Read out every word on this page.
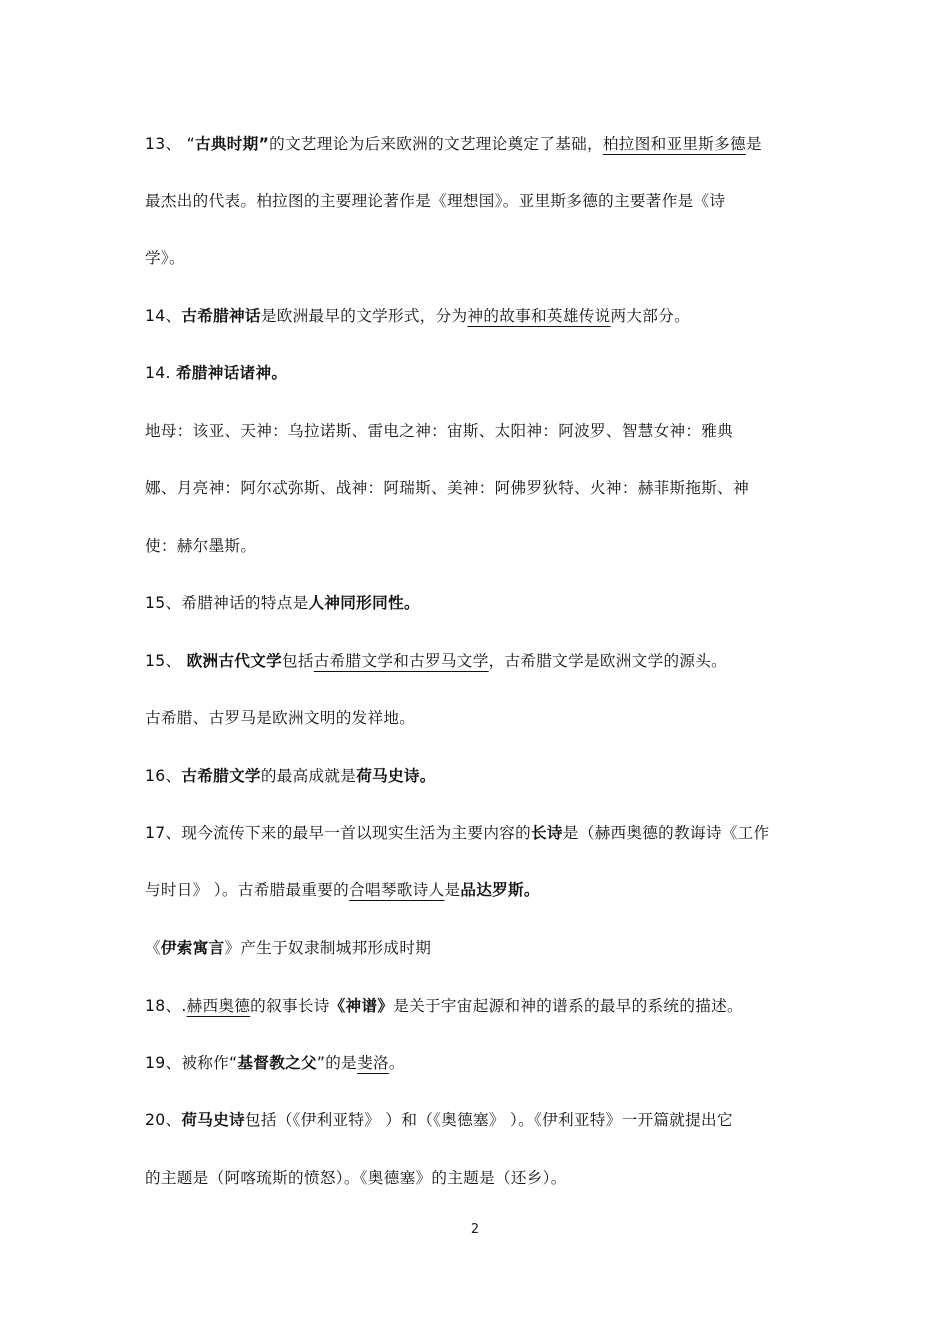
13、 “古典时期”的文艺理论为后来欧洲的文艺理论奠定了基础，柏拉图和亚里斯多德是
最杰出的代表。柏拉图的主要理论著作是《理想国》。亚里斯多德的主要著作是《诗
学》。
14、古希腊神话是欧洲最早的文学形式，分为神的故事和英雄传说两大部分。
14. 希腊神话诸神。
地母：该亚、天神：乌拉诺斯、雷电之神：宙斯、太阳神：阿波罗、智慧女神：雅典
娜、月亮神：阿尔忒弥斯、战神：阿瑞斯、美神：阿佛罗狄特、火神：赫菲斯拖斯、神
使：赫尔墨斯。
15、希腊神话的特点是人神同形同性。
15、 欧洲古代文学包括古希腊文学和古罗马文学，古希腊文学是欧洲文学的源头。
古希腊、古罗马是欧洲文明的发祥地。
16、古希腊文学的最高成就是荷马史诗。
17、现今流传下来的最早一首以现实生活为主要内容的长诗是（赫西奥德的教诲诗《工作
与时日》 ）。古希腊最重要的合唱琴歌诗人是品达罗斯。
《伊索寓言》产生于奴隶制城邦形成时期
18、.赫西奥德的叙事长诗《神谱》是关于宇宙起源和神的谱系的最早的系统的描述。
19、被称作“基督教之父”的是斐洛。
20、荷马史诗包括（《伊利亚特》 ）和（《奥德塞》 ）。《伊利亚特》一开篇就提出它
的主题是（阿喀琉斯的愤怒）。《奥德塞》的主题是（还乡）。
2
